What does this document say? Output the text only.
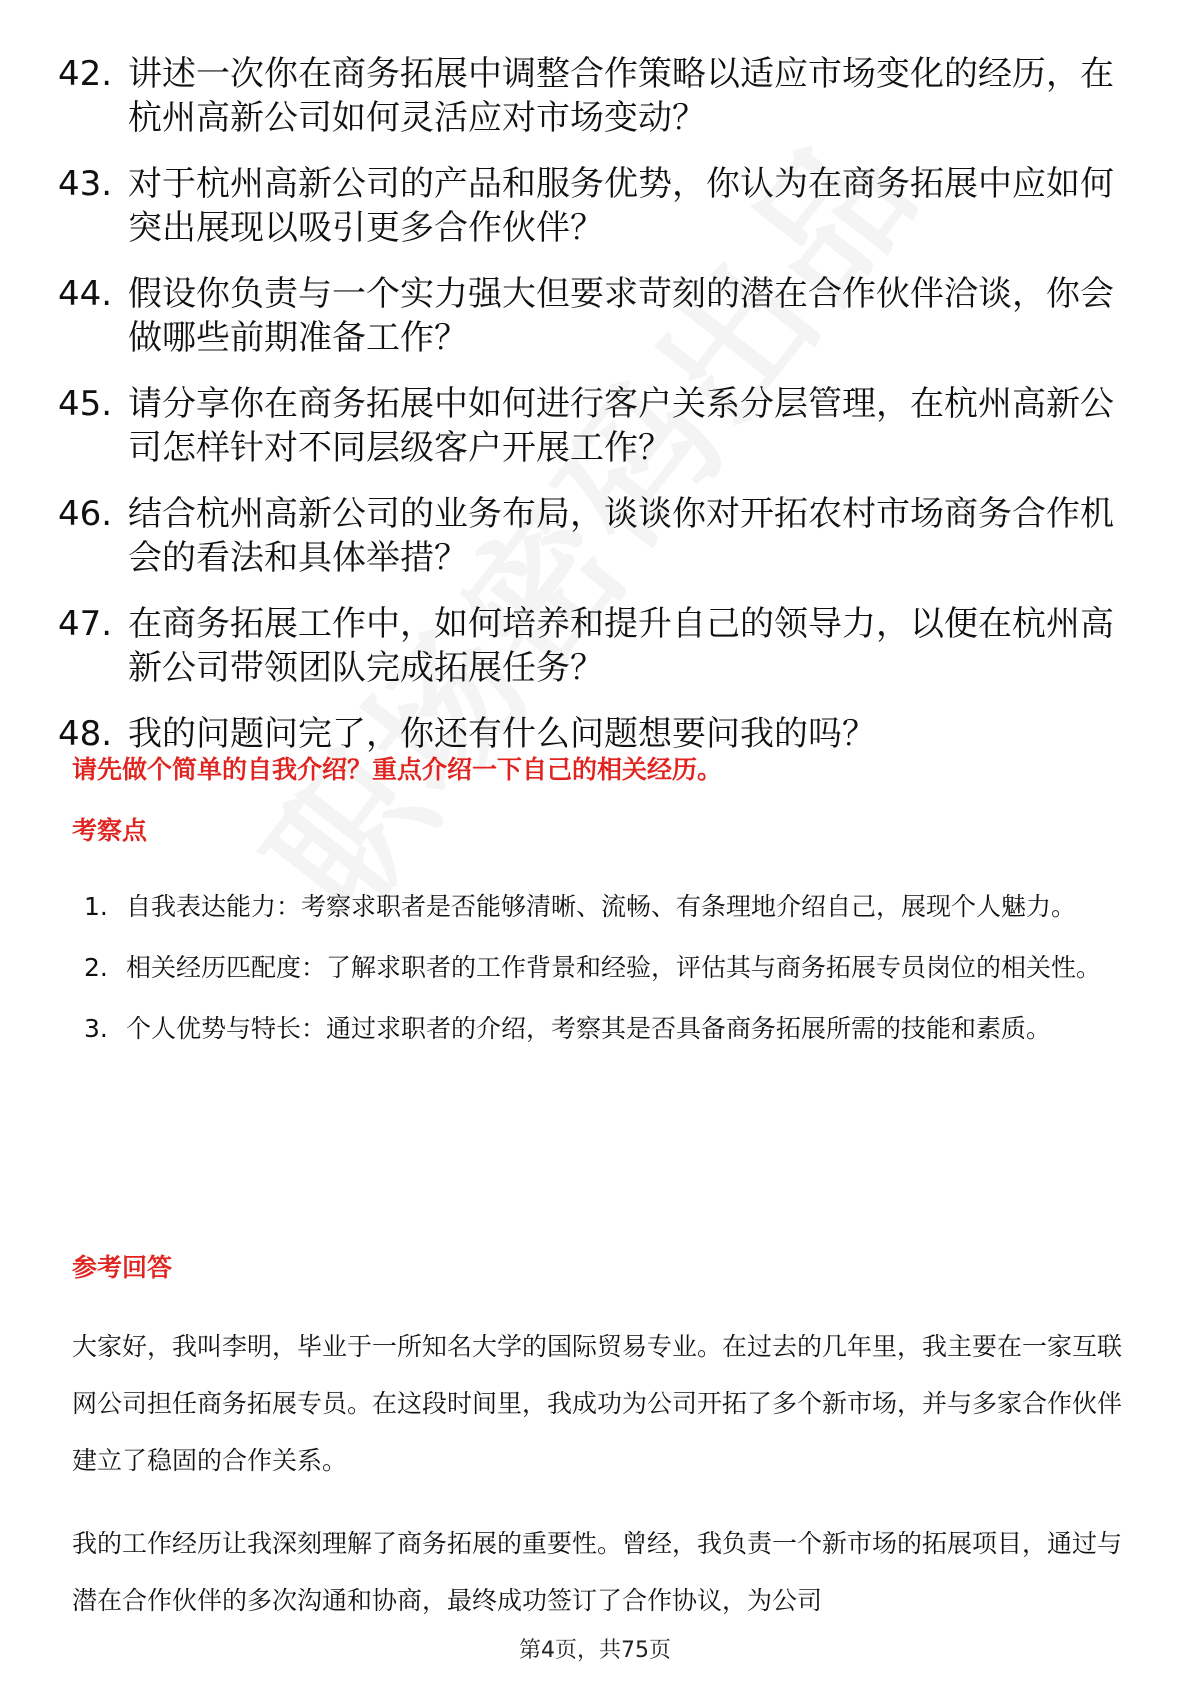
42. 讲述一次你在商务拓展中调整合作策略以适应市场变化的经历，在杭州高新公司如何灵活应对市场变动？
43. 对于杭州高新公司的产品和服务优势，你认为在商务拓展中应如何突出展现以吸引更多合作伙伴？
44. 假设你负责与一个实力强大但要求苛刻的潜在合作伙伴洽谈，你会做哪些前期准备工作？
45. 请分享你在商务拓展中如何进行客户关系分层管理，在杭州高新公司怎样针对不同层级客户开展工作？
46. 结合杭州高新公司的业务布局，谈谈你对开拓农村市场商务合作机会的看法和具体举措？
47. 在商务拓展工作中，如何培养和提升自己的领导力，以便在杭州高新公司带领团队完成拓展任务？
48. 我的问题问完了，你还有什么问题想要问我的吗？
请先做个简单的自我介绍？重点介绍一下自己的相关经历。
考察点
1. 自我表达能力：考察求职者是否能够清晰、流畅、有条理地介绍自己，展现个人魅力。
2. 相关经历匹配度：了解求职者的工作背景和经验，评估其与商务拓展专员岗位的相关性。
3. 个人优势与特长：通过求职者的介绍，考察其是否具备商务拓展所需的技能和素质。
参考回答

大家好，我叫李明，毕业于一所知名大学的国际贸易专业。在过去的几年里，我主要在一家互联网公司担任商务拓展专员。在这段时间里，我成功为公司开拓了多个新市场，并与多家合作伙伴建立了稳固的合作关系。

我的工作经历让我深刻理解了商务拓展的重要性。曾经，我负责一个新市场的拓展项目，通过与潜在合作伙伴的多次沟通和协商，最终成功签订了合作协议，为公司

第4页，共75页
